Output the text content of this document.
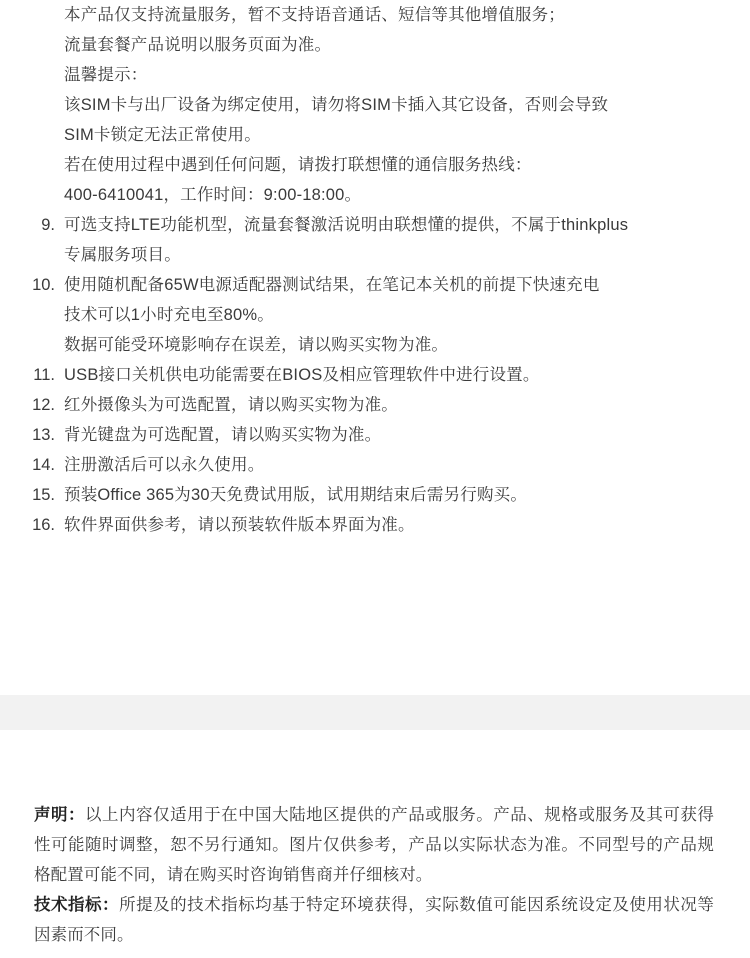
本产品仅支持流量服务，暂不支持语音通话、短信等其他增值服务；
流量套餐产品说明以服务页面为准。
温馨提示：
该SIM卡与出厂设备为绑定使用，请勿将SIM卡插入其它设备，否则会导致
SIM卡锁定无法正常使用。
若在使用过程中遇到任何问题，请拨打联想懂的通信服务热线：
400-6410041，工作时间：9:00-18:00。
9. 可选支持LTE功能机型，流量套餐激活说明由联想懂的提供，不属于thinkplus
专属服务项目。
10. 使用随机配备65W电源适配器测试结果，在笔记本关机的前提下快速充电
技术可以1小时充电至80%。
数据可能受环境影响存在误差，请以购买实物为准。
11. USB接口关机供电功能需要在BIOS及相应管理软件中进行设置。
12. 红外摄像头为可选配置，请以购买实物为准。
13. 背光键盘为可选配置，请以购买实物为准。
14. 注册激活后可以永久使用。
15. 预装Office 365为30天免费试用版，试用期结束后需另行购买。
16. 软件界面供参考，请以预装软件版本界面为准。

声明：以上内容仅适用于在中国大陆地区提供的产品或服务。产品、规格或服务及其可获得性可能随时调整，恕不另行通知。图片仅供参考，产品以实际状态为准。不同型号的产品规格配置可能不同，请在购买时咨询销售商并仔细核对。

技术指标：所提及的技术指标均基于特定环境获得，实际数值可能因系统设定及使用状况等因素而不同。
